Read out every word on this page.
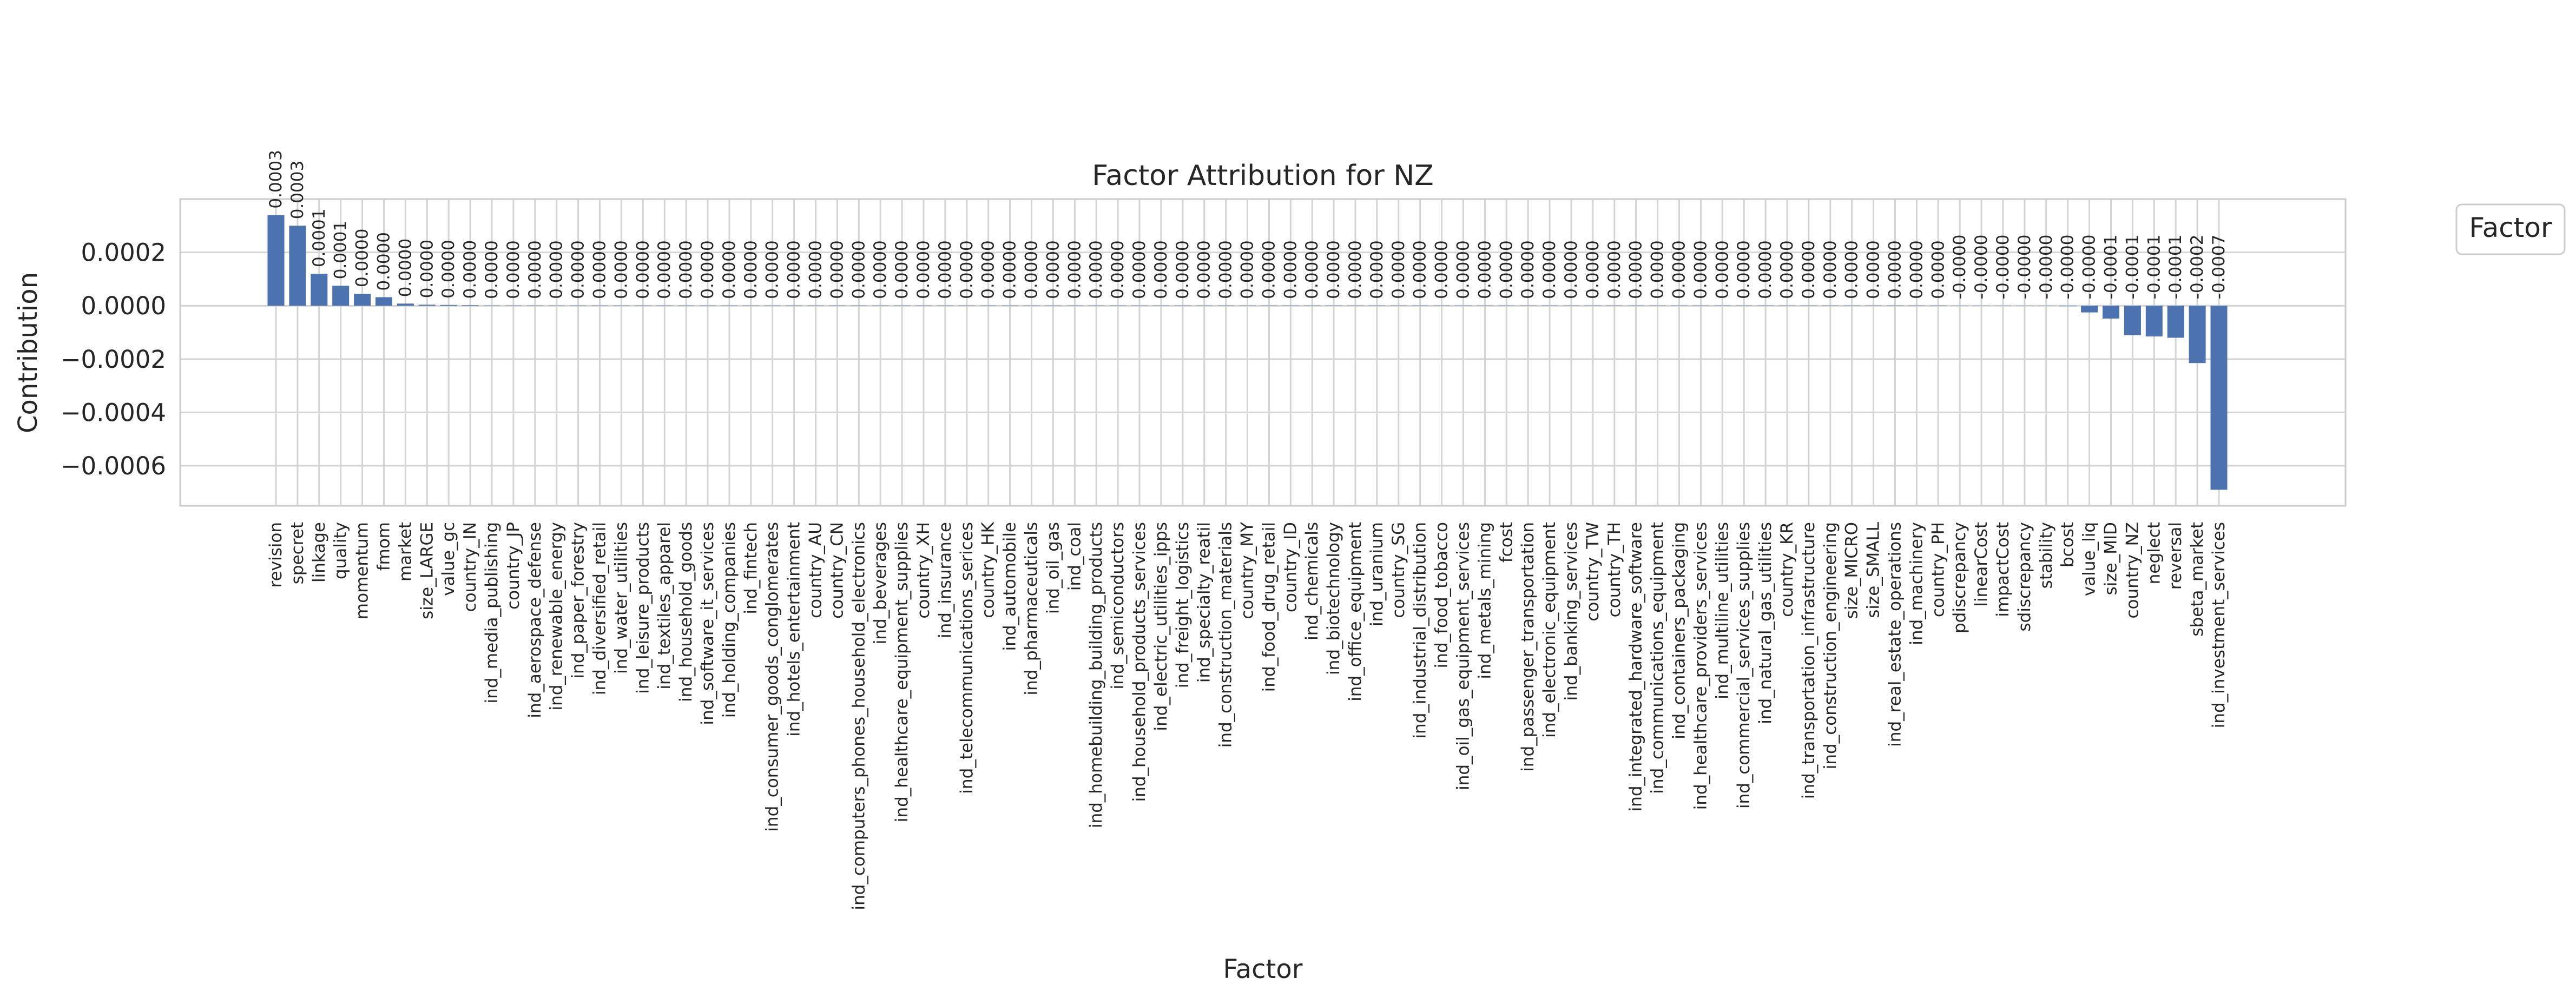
0.0002
0.0000
−0.0002
−0.0004
−0.0006
revision specret linkage quality momentum fmom market size_LARGE value_gc country_IN ind_media_publishing country_JP ind_aerospace_defense ind_renewable_energy ind_paper_forestry ind_diversified_retail ind_water_utilities ind_leisure_products ind_textiles_apparel ind_household_goods ind_software_it_services ind_holding_companies ind_fintech ind_consumer_goods_conglomerates ind_hotels_entertainment country_AU country_CN ind_computers_phones_household_electronics ind_beverages ind_healthcare_equipment_supplies country_XH ind_insurance ind_telecommunications_serices country_HK ind_automobile ind_pharmaceuticals ind_oil_gas ind_coal ind_homebuilding_building_products ind_semiconductors ind_household_products_services ind_electric_utilities_ipps ind_freight_logistics ind_specialty_reatil ind_construction_materials country_MY ind_food_drug_retail country_ID ind_chemicals ind_biotechnology ind_office_equipment ind_uranium country_SG ind_industrial_distribution ind_food_tobacco ind_oil_gas_equipment_services ind_metals_mining fcost ind_passenger_transportation ind_electronic_equipment ind_banking_services country_TW country_TH ind_integrated_hardware_software ind_communications_equipment ind_containers_packaging ind_healthcare_providers_services ind_multiline_utilities ind_commercial_services_supplies ind_natural_gas_utilities country_KR ind_transportation_infrastructure ind_construction_engineering size_MICRO size_SMALL ind_real_estate_operations ind_machinery country_PH pdiscrepancy linearCost impactCost sdiscrepancy stability bcost value_liq size_MID country_NZ neglect reversal sbeta_market ind_investment_services
0.0003 0.0003
0.0001 0.0001 0.0000 0.0000 0.0000 0.0000 0.0000 0.0000 0.0000 0.0000 0.0000 0.0000 0.0000 0.0000 0.0000 0.0000 0.0000 0.0000 0.0000 0.0000 0.0000 0.0000 0.0000 0.0000 0.0000 0.0000 0.0000 0.0000 0.0000 0.0000 0.0000 0.0000 0.0000 0.0000 0.0000 0.0000 0.0000 0.0000 0.0000 0.0000 0.0000 0.0000 0.0000 0.0000 0.0000 0.0000 0.0000 0.0000 0.0000 0.0000 0.0000 0.0000 0.0000 0.0000 0.0000 0.0000 0.0000 0.0000 0.0000 0.0000 0.0000 0.0000 0.0000 0.0000 0.0000 0.0000 0.0000 0.0000 0.0000 0.0000 0.0000 0.0000 0.0000 0.0000 0.0000 0.0000 -0.0000 -0.0000 -0.0000 -0.0000 -0.0000 -0.0000 -0.0000 -0.0001 -0.0001 -0.0001 -0.0001 -0.0002 -0.0007
Factor Attribution for NZ
Factor
Contribution
Factor
